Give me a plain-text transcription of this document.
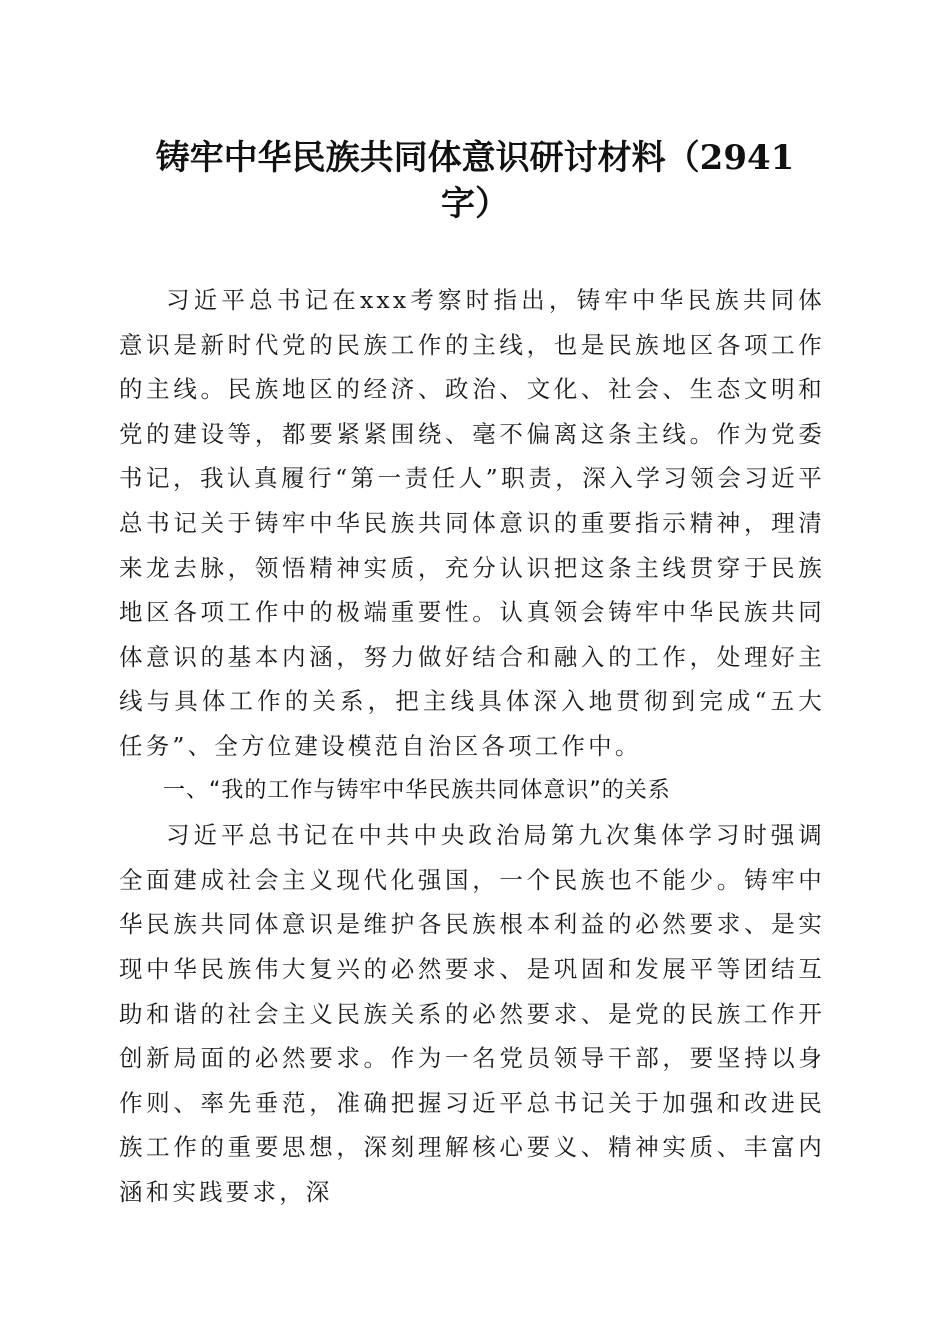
铸牢中华民族共同体意识研讨材料（2941字）

习近平总书记在xxx考察时指出，铸牢中华民族共同体意识是新时代党的民族工作的主线，也是民族地区各项工作的主线。民族地区的经济、政治、文化、社会、生态文明和党的建设等，都要紧紧围绕、毫不偏离这条主线。作为党委书记，我认真履行“第一责任人”职责，深入学习领会习近平总书记关于铸牢中华民族共同体意识的重要指示精神，理清来龙去脉，领悟精神实质，充分认识把这条主线贯穿于民族地区各项工作中的极端重要性。认真领会铸牢中华民族共同体意识的基本内涵，努力做好结合和融入的工作，处理好主线与具体工作的关系，把主线具体深入地贯彻到完成“五大任务”、全方位建设模范自治区各项工作中。

一、“我的工作与铸牢中华民族共同体意识”的关系

习近平总书记在中共中央政治局第九次集体学习时强调全面建成社会主义现代化强国，一个民族也不能少。铸牢中华民族共同体意识是维护各民族根本利益的必然要求、是实现中华民族伟大复兴的必然要求、是巩固和发展平等团结互助和谐的社会主义民族关系的必然要求、是党的民族工作开创新局面的必然要求。作为一名党员领导干部，要坚持以身作则、率先垂范，准确把握习近平总书记关于加强和改进民族工作的重要思想，深刻理解核心要义、精神实质、丰富内涵和实践要求，深
